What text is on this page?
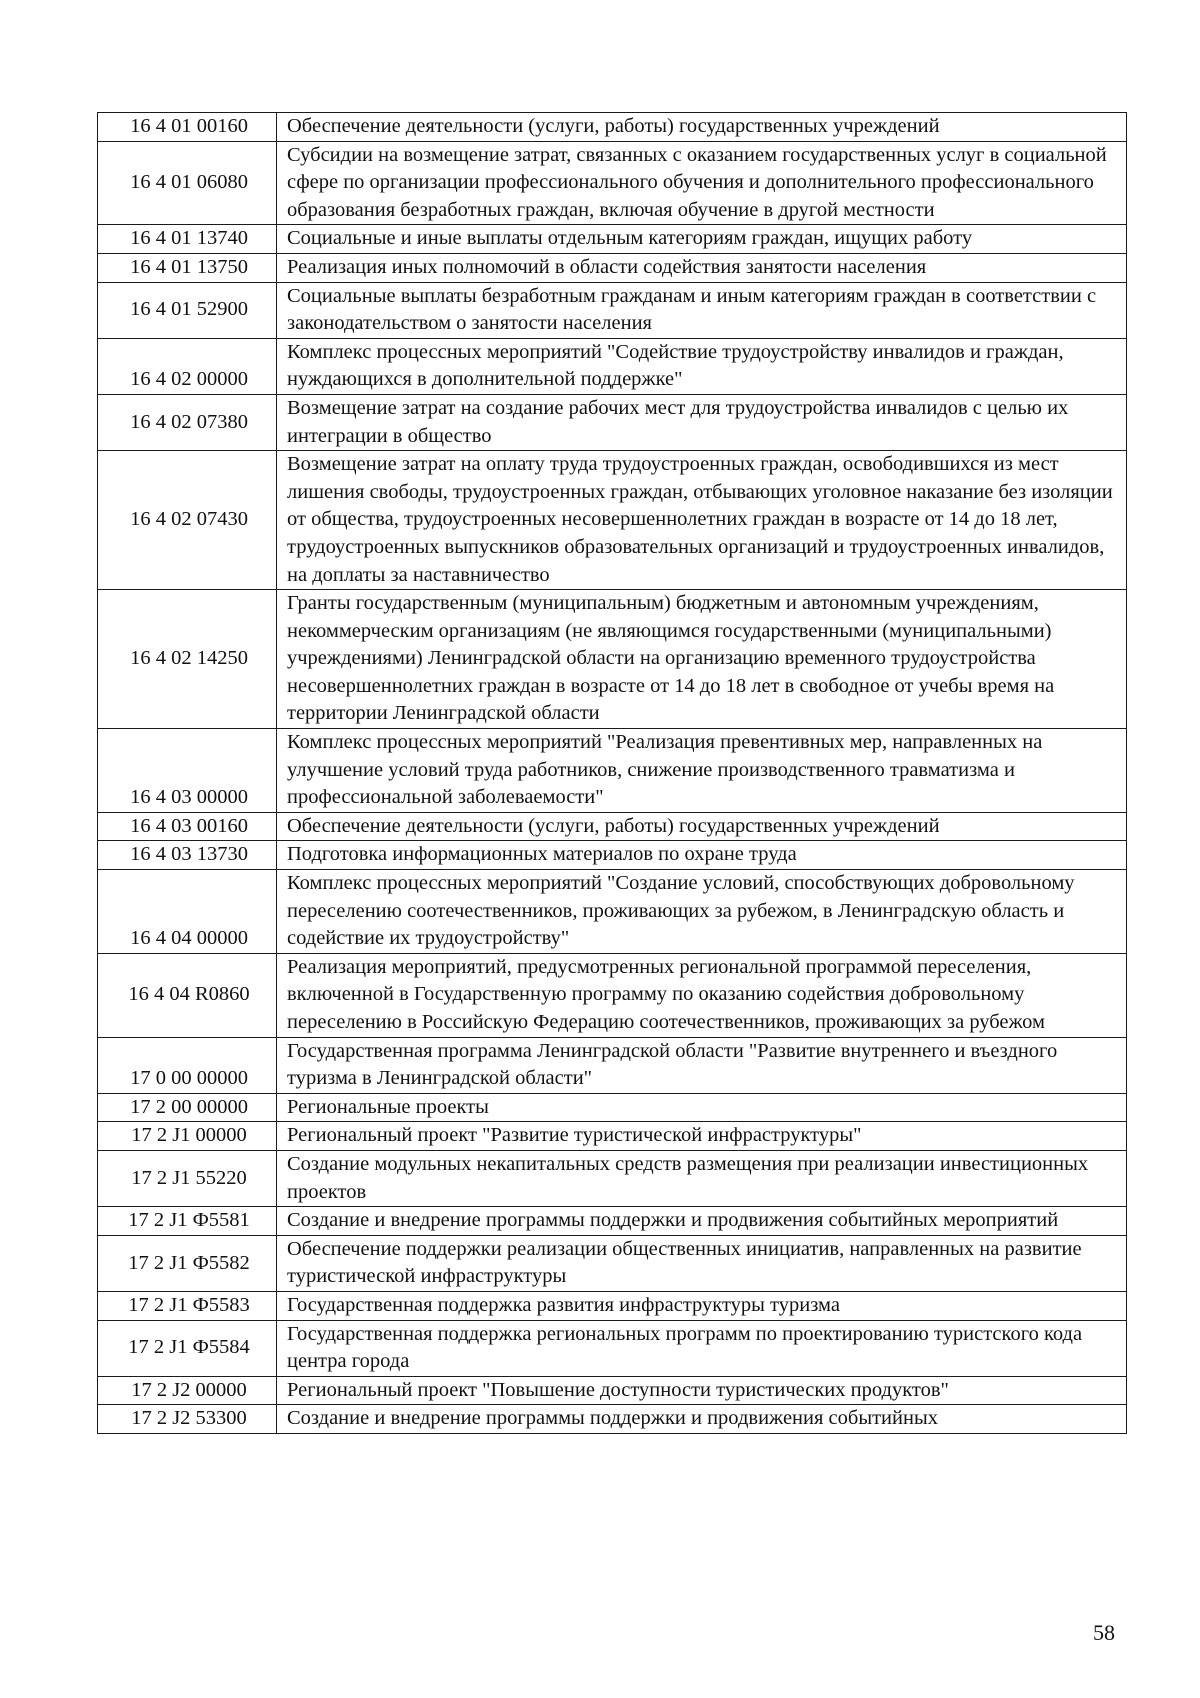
16 4 01 00160	Обеспечение деятельности (услуги, работы) государственных учреждений
16 4 01 06080	Субсидии на возмещение затрат, связанных с оказанием государственных услуг в социальной сфере по организации профессионального обучения и дополнительного профессионального образования безработных граждан, включая обучение в другой местности
16 4 01 13740	Социальные и иные выплаты отдельным категориям граждан, ищущих работу
16 4 01 13750	Реализация иных полномочий в области содействия занятости населения
16 4 01 52900	Социальные выплаты безработным гражданам и иным категориям граждан в соответствии с законодательством о занятости населения
16 4 02 00000	Комплекс процессных мероприятий "Содействие трудоустройству инвалидов и граждан, нуждающихся в дополнительной поддержке"
16 4 02 07380	Возмещение затрат на создание рабочих мест для трудоустройства инвалидов с целью их интеграции в общество
16 4 02 07430	Возмещение затрат на оплату труда трудоустроенных граждан, освободившихся из мест лишения свободы, трудоустроенных граждан, отбывающих уголовное наказание без изоляции от общества, трудоустроенных несовершеннолетних граждан в возрасте от 14 до 18 лет, трудоустроенных выпускников образовательных организаций и трудоустроенных инвалидов, на доплаты за наставничество
16 4 02 14250	Гранты государственным (муниципальным) бюджетным и автономным учреждениям, некоммерческим организациям (не являющимся государственными (муниципальными) учреждениями) Ленинградской области на организацию временного трудоустройства несовершеннолетних граждан в возрасте от 14 до 18 лет в свободное от учебы время на территории Ленинградской области
16 4 03 00000	Комплекс процессных мероприятий "Реализация превентивных мер, направленных на улучшение условий труда работников, снижение производственного травматизма и профессиональной заболеваемости"
16 4 03 00160	Обеспечение деятельности (услуги, работы) государственных учреждений
16 4 03 13730	Подготовка информационных материалов по охране труда
16 4 04 00000	Комплекс процессных мероприятий "Создание условий, способствующих добровольному переселению соотечественников, проживающих за рубежом, в Ленинградскую область и содействие их трудоустройству"
16 4 04 R0860	Реализация мероприятий, предусмотренных региональной программой переселения, включенной в Государственную программу по оказанию содействия добровольному переселению в Российскую Федерацию соотечественников, проживающих за рубежом
17 0 00 00000	Государственная программа Ленинградской области "Развитие внутреннего и въездного туризма в Ленинградской области"
17 2 00 00000	Региональные проекты
17 2 J1 00000	Региональный проект "Развитие туристической инфраструктуры"
17 2 J1 55220	Создание модульных некапитальных средств размещения при реализации инвестиционных проектов
17 2 J1 Ф5581	Создание и внедрение программы поддержки и продвижения событийных мероприятий
17 2 J1 Ф5582	Обеспечение поддержки реализации общественных инициатив, направленных на развитие туристической инфраструктуры
17 2 J1 Ф5583	Государственная поддержка развития инфраструктуры туризма
17 2 J1 Ф5584	Государственная поддержка региональных программ по проектированию туристского кода центра города
17 2 J2 00000	Региональный проект "Повышение доступности туристических продуктов"
17 2 J2 53300	Создание и внедрение программы поддержки и продвижения событийных
58
